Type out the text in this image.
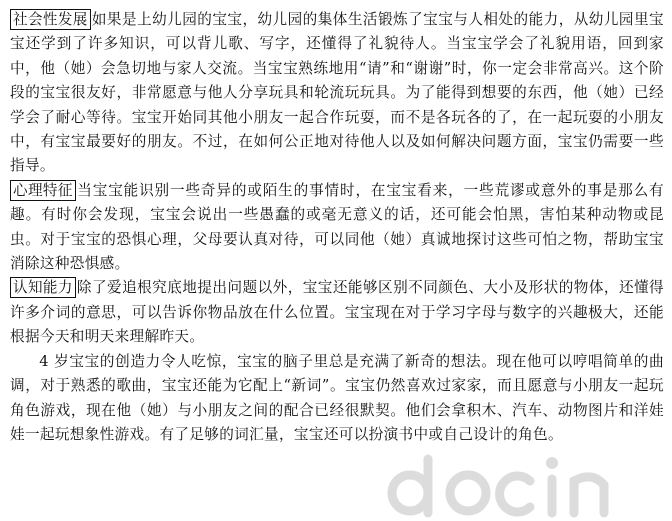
社会性发展 如果是上幼儿园的宝宝，幼儿园的集体生活锻炼了宝宝与人相处的能力，从幼儿园里宝宝还学到了许多知识，可以背儿歌、写字，还懂得了礼貌待人。当宝宝学会了礼貌用语，回到家中，他（她）会急切地与家人交流。当宝宝熟练地用“请”和“谢谢”时，你一定会非常高兴。这个阶段的宝宝很友好，非常愿意与他人分享玩具和轮流玩玩具。为了能得到想要的东西，他（她）已经学会了耐心等待。宝宝开始同其他小朋友一起合作玩耍，而不是各玩各的了，在一起玩耍的小朋友中，有宝宝最要好的朋友。不过，在如何公正地对待他人以及如何解决问题方面，宝宝仍需要一些指导。

心理特征 当宝宝能识别一些奇异的或陌生的事情时，在宝宝看来，一些荒谬或意外的事是那么有趣。有时你会发现，宝宝会说出一些愚蠢的或毫无意义的话，还可能会怕黑，害怕某种动物或昆虫。对于宝宝的恐惧心理，父母要认真对待，可以同他（她）真诚地探讨这些可怕之物，帮助宝宝消除这种恐惧感。

认知能力 除了爱追根究底地提出问题以外，宝宝还能够区别不同颜色、大小及形状的物体，还懂得许多介词的意思，可以告诉你物品放在什么位置。宝宝现在对于学习字母与数字的兴趣极大，还能根据今天和明天来理解昨天。

4 岁宝宝的创造力令人吃惊，宝宝的脑子里总是充满了新奇的想法。现在他可以哼唱简单的曲调，对于熟悉的歌曲，宝宝还能为它配上“新词”。宝宝仍然喜欢过家家，而且愿意与小朋友一起玩角色游戏，现在他（她）与小朋友之间的配合已经很默契。他们会拿积木、汽车、动物图片和洋娃娃一起玩想象性游戏。有了足够的词汇量，宝宝还可以扮演书中或自己设计的角色。
